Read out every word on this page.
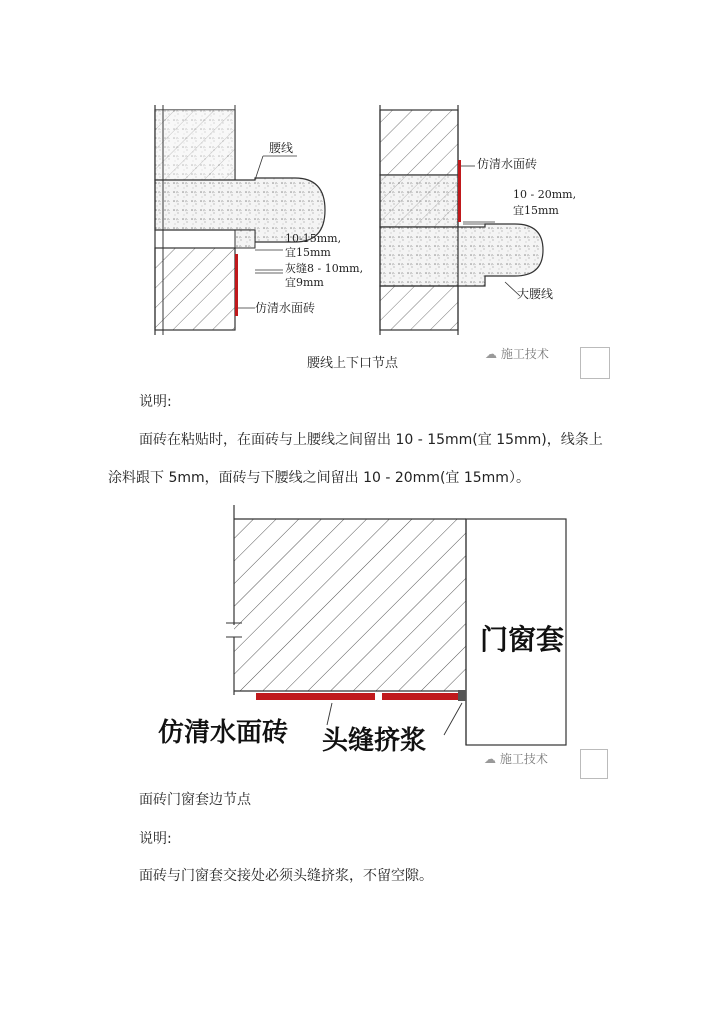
腰线
10-15mm,
宜15mm
灰缝8 - 10mm,
宜9mm
仿清水面砖
仿清水面砖
10 - 20mm,
宜15mm
大腰线
腰线上下口节点
☁ 施工技术
说明:
面砖在粘贴时，在面砖与上腰线之间留出 10 - 15mm(宜 15mm)，线条上
涂料跟下 5mm，面砖与下腰线之间留出 10 - 20mm(宜 15mm）。
门窗套
仿清水面砖 头缝挤浆
☁ 施工技术
面砖门窗套边节点
说明:
面砖与门窗套交接处必须头缝挤浆，不留空隙。
